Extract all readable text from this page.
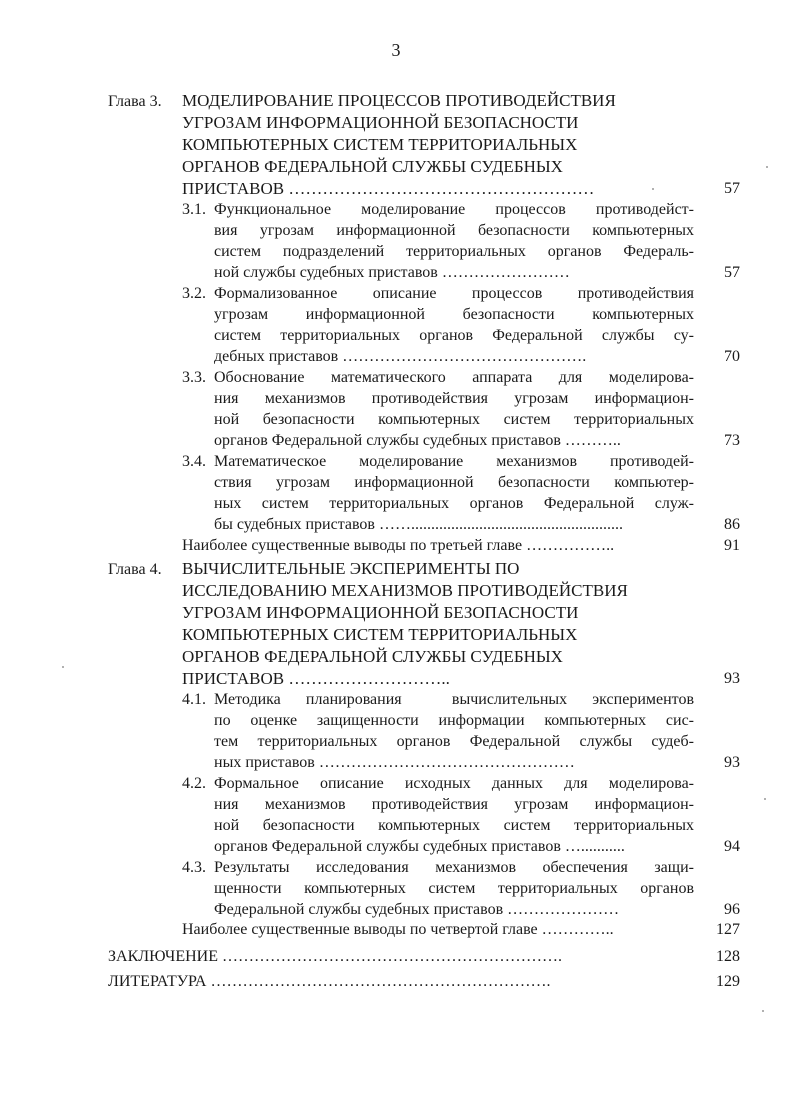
3
Глава 3. МОДЕЛИРОВАНИЕ ПРОЦЕССОВ ПРОТИВОДЕЙСТВИЯ
УГРОЗАМ ИНФОРМАЦИОННОЙ БЕЗОПАСНОСТИ
КОМПЬЮТЕРНЫХ СИСТЕМ ТЕРРИТОРИАЛЬНЫХ
ОРГАНОВ ФЕДЕРАЛЬНОЙ СЛУЖБЫ СУДЕБНЫХ
ПРИСТАВОВ ………………………………………………	57
3.1. Функциональное моделирование процессов противодейст-
вия угрозам информационной безопасности компьютерных
систем подразделений территориальных органов Федераль-
ной службы судебных приставов ……………………	57
3.2. Формализованное описание процессов противодействия
угрозам информационной безопасности компьютерных
систем территориальных органов Федеральной службы су-
дебных приставов ……………………………………….	70
3.3. Обоснование математического аппарата для моделирова-
ния механизмов противодействия угрозам информацион-
ной безопасности компьютерных систем территориальных
органов Федеральной службы судебных приставов ………..	73
3.4. Математическое моделирование механизмов противодей-
ствия угрозам информационной безопасности компьютер-
ных систем территориальных органов Федеральной служ-
бы судебных приставов …….....................................................	86
Наиболее существенные выводы по третьей главе ……………..	91
Глава 4. ВЫЧИСЛИТЕЛЬНЫЕ ЭКСПЕРИМЕНТЫ ПО
ИССЛЕДОВАНИЮ МЕХАНИЗМОВ ПРОТИВОДЕЙСТВИЯ
УГРОЗАМ ИНФОРМАЦИОННОЙ БЕЗОПАСНОСТИ
КОМПЬЮТЕРНЫХ СИСТЕМ ТЕРРИТОРИАЛЬНЫХ
ОРГАНОВ ФЕДЕРАЛЬНОЙ СЛУЖБЫ СУДЕБНЫХ
ПРИСТАВОВ ………………………..	93
4.1. Методика планирования  вычислительных экспериментов
по оценке защищенности информации компьютерных сис-
тем территориальных органов Федеральной службы судеб-
ных приставов …………………………………………	93
4.2. Формальное описание исходных данных для моделирова-
ния механизмов противодействия угрозам информацион-
ной безопасности компьютерных систем территориальных
органов Федеральной службы судебных приставов …...........	94
4.3. Результаты исследования механизмов обеспечения защи-
щенности компьютерных систем территориальных органов
Федеральной службы судебных приставов …………………	96
Наиболее существенные выводы по четвертой главе …………..	127
ЗАКЛЮЧЕНИЕ ……………………………………………………….	128
ЛИТЕРАТУРА ……………………………………………………….	129
